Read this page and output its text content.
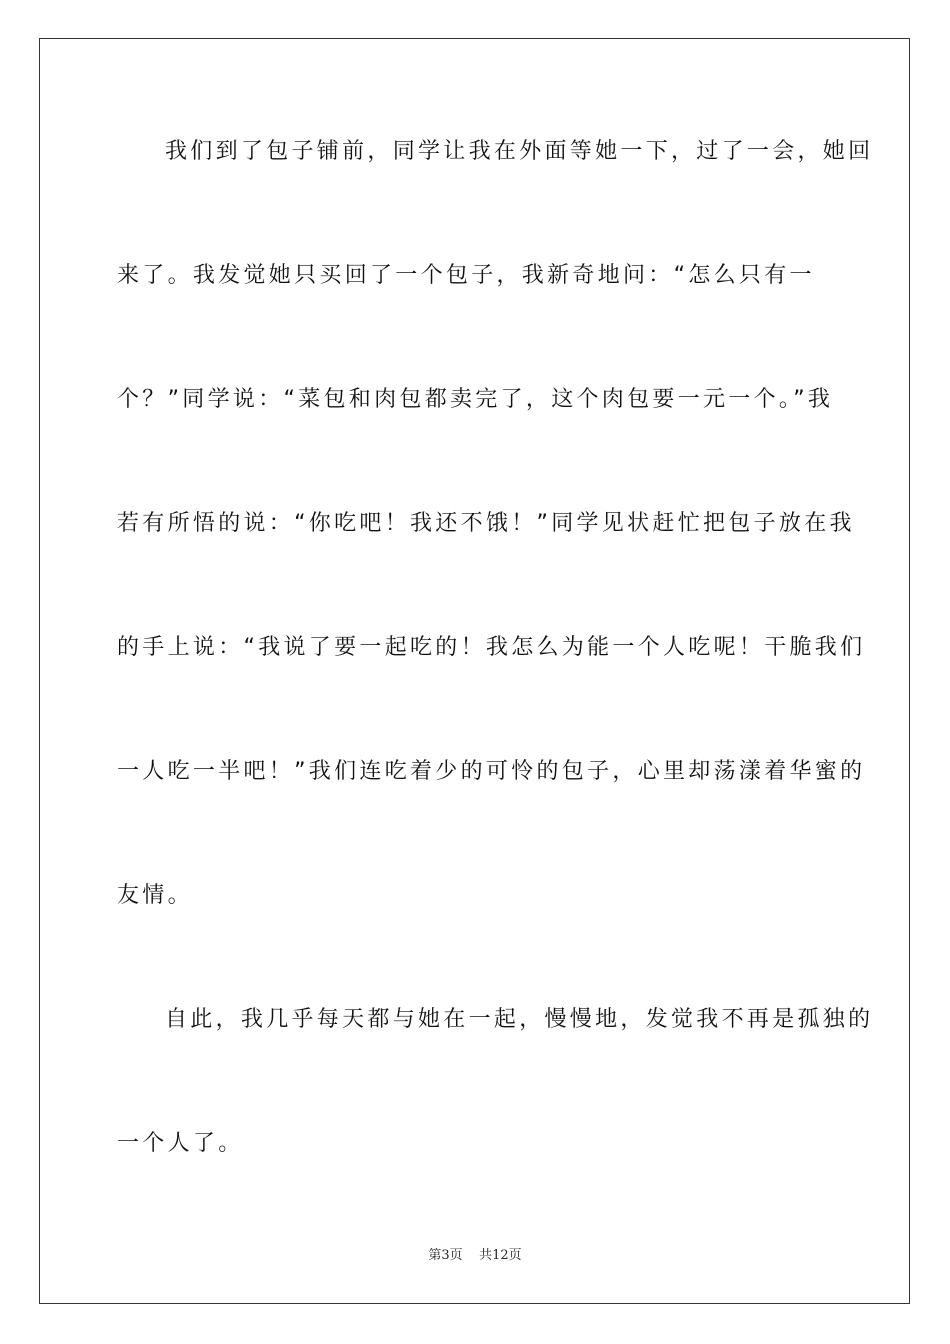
我们到了包子铺前，同学让我在外面等她一下，过了一会，她回
来了。我发觉她只买回了一个包子，我新奇地问：“怎么只有一
个？”同学说：“菜包和肉包都卖完了，这个肉包要一元一个。”我
若有所悟的说：“你吃吧！我还不饿！”同学见状赶忙把包子放在我
的手上说：“我说了要一起吃的！我怎么为能一个人吃呢！干脆我们
一人吃一半吧！”我们连吃着少的可怜的包子，心里却荡漾着华蜜的
友情。
自此，我几乎每天都与她在一起，慢慢地，发觉我不再是孤独的
一个人了。
第3页 共12页
